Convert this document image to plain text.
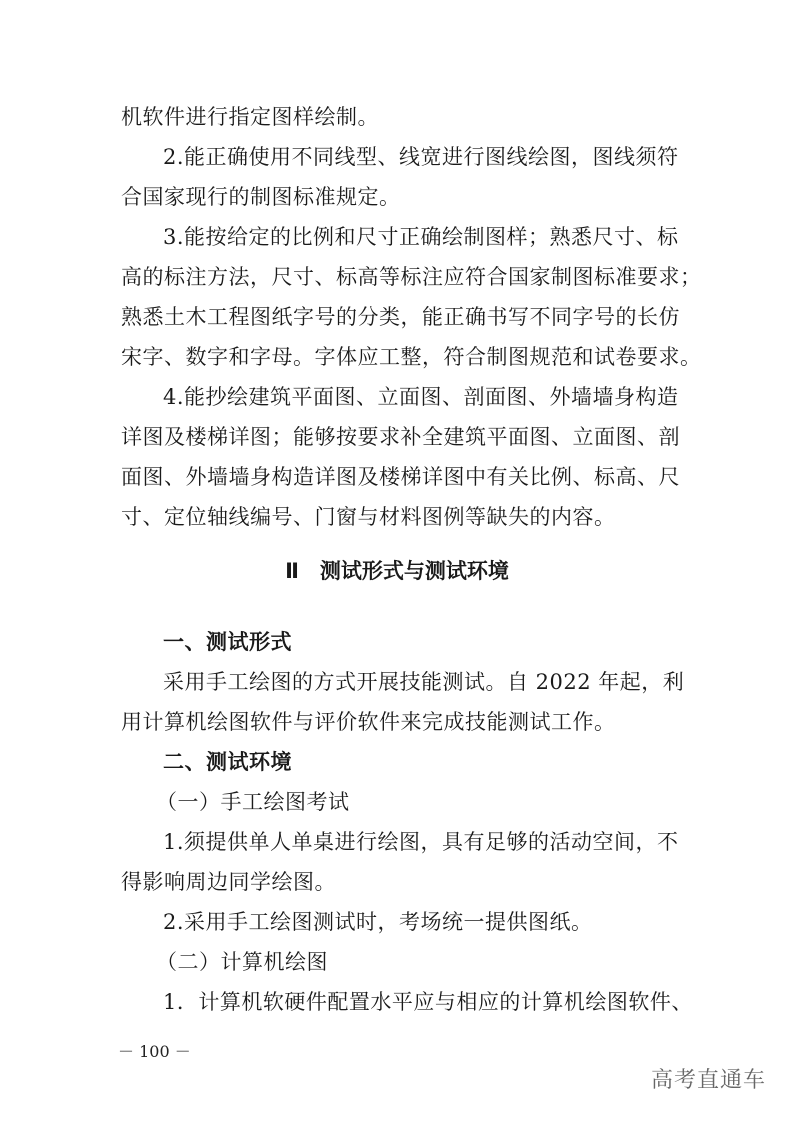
机软件进行指定图样绘制。
2.能正确使用不同线型、线宽进行图线绘图，图线须符
合国家现行的制图标准规定。
3.能按给定的比例和尺寸正确绘制图样；熟悉尺寸、标
高的标注方法，尺寸、标高等标注应符合国家制图标准要求；
熟悉土木工程图纸字号的分类，能正确书写不同字号的长仿
宋字、数字和字母。字体应工整，符合制图规范和试卷要求。
4.能抄绘建筑平面图、立面图、剖面图、外墙墙身构造
详图及楼梯详图；能够按要求补全建筑平面图、立面图、剖
面图、外墙墙身构造详图及楼梯详图中有关比例、标高、尺
寸、定位轴线编号、门窗与材料图例等缺失的内容。
Ⅱ　测试形式与测试环境
一、测试形式
采用手工绘图的方式开展技能测试。自 2022 年起，利
用计算机绘图软件与评价软件来完成技能测试工作。
二、测试环境
（一）手工绘图考试
1.须提供单人单桌进行绘图，具有足够的活动空间，不
得影响周边同学绘图。
2.采用手工绘图测试时，考场统一提供图纸。
（二）计算机绘图
1．计算机软硬件配置水平应与相应的计算机绘图软件、
－ 100 －
高考直通车
